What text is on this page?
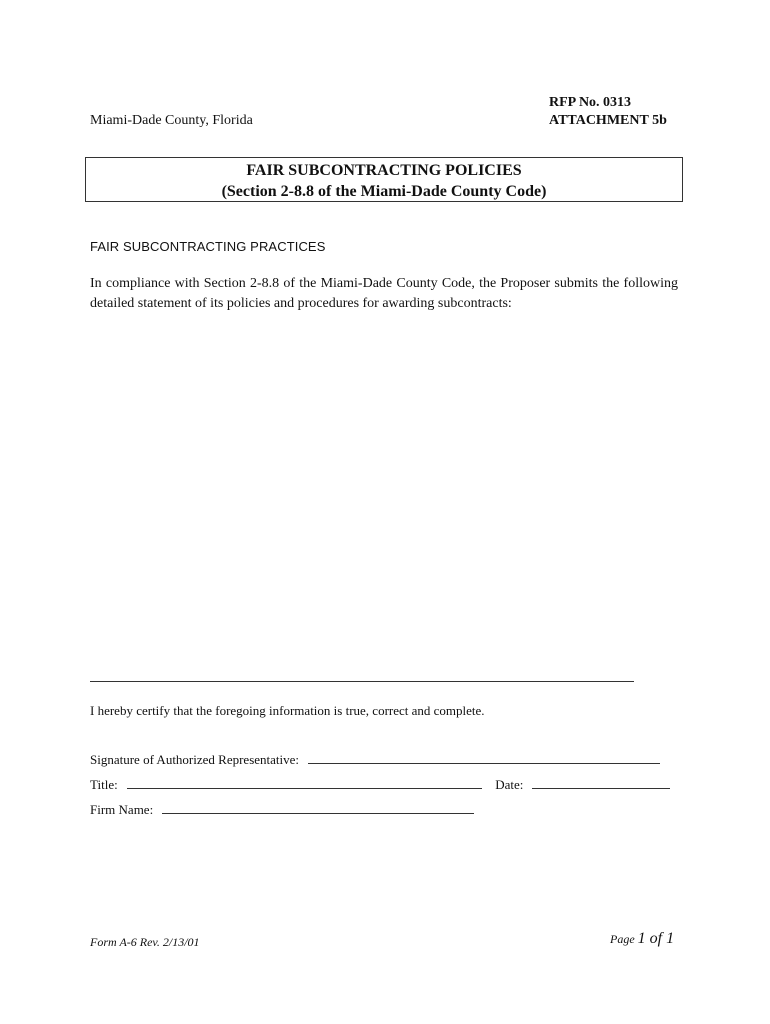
Miami-Dade County, Florida
RFP No. 0313
ATTACHMENT 5b
FAIR SUBCONTRACTING POLICIES
(Section 2-8.8 of the Miami-Dade County Code)
FAIR SUBCONTRACTING PRACTICES
In compliance with Section 2-8.8 of the Miami-Dade County Code, the Proposer submits the following detailed statement of its policies and procedures for awarding subcontracts:
I hereby certify that the foregoing information is true, correct and complete.
Signature of Authorized Representative:
Title:	Date:
Firm Name:
Form A-6 Rev. 2/13/01	Page 1 of 1
